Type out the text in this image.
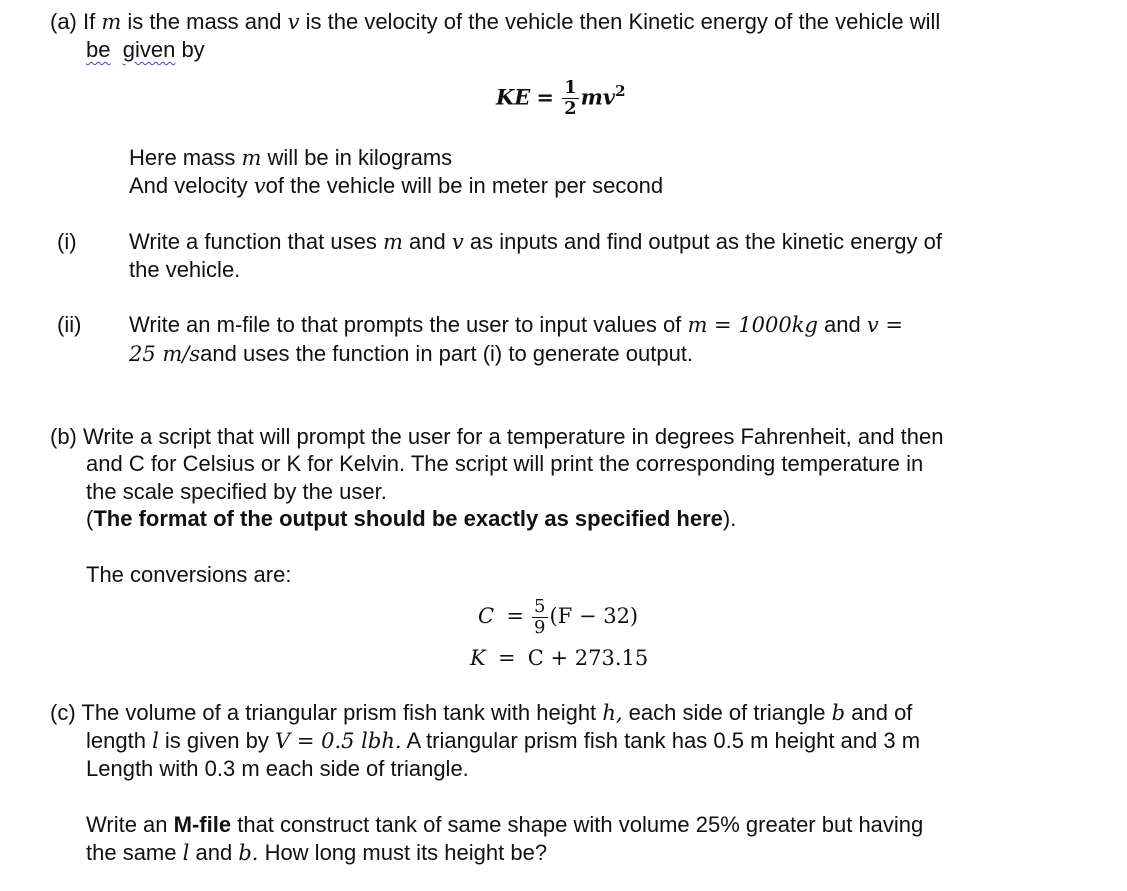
(a) If m is the mass and v is the velocity of the vehicle then Kinetic energy of the vehicle will
be given by
KE = $\frac{1}{2} mv^2$
Here mass m will be in kilograms
And velocity vof the vehicle will be in meter per second
(i) Write a function that uses m and v as inputs and find output as the kinetic energy of
the vehicle.
(ii) Write an m-file to that prompts the user to input values of m = 1000kg and v =
25 m/sand uses the function in part (i) to generate output.
(b) Write a script that will prompt the user for a temperature in degrees Fahrenheit, and then
and C for Celsius or K for Kelvin. The script will print the corresponding temperature in
the scale specified by the user.
(The format of the output should be exactly as specified here).
The conversions are:
$C = \frac{5}{9} (F - 32)$
K = C + 273.15
(c) The volume of a triangular prism fish tank with height h, each side of triangle b and of
length l is given by V = 0.5 lbh. A triangular prism fish tank has 0.5 m height and 3 m
Length with 0.3 m each side of triangle.
Write an M-file that construct tank of same shape with volume 25% greater but having
the same l and b. How long must its height be?
